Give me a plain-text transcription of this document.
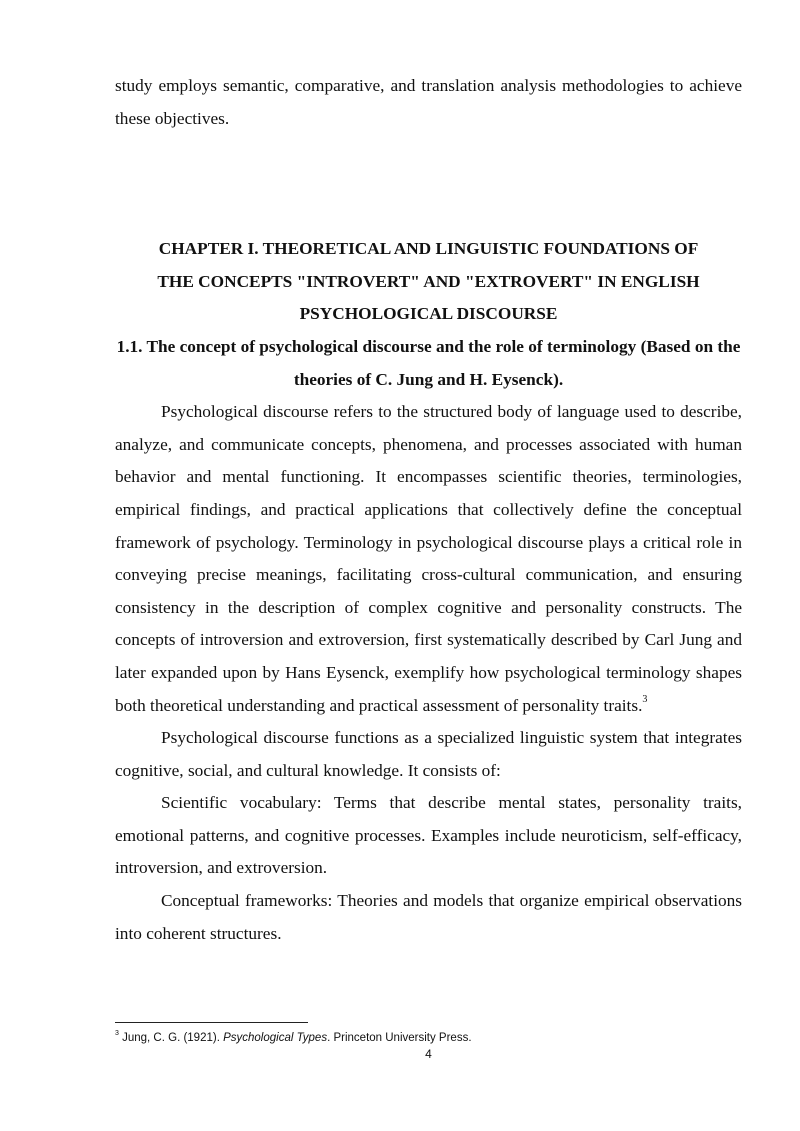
study employs semantic, comparative, and translation analysis methodologies to achieve these objectives.

CHAPTER I. THEORETICAL AND LINGUISTIC FOUNDATIONS OF

THE CONCEPTS "INTROVERT" AND "EXTROVERT" IN ENGLISH

PSYCHOLOGICAL DISCOURSE

1.1. The concept of psychological discourse and the role of terminology (Based on the theories of C. Jung and H. Eysenck).

Psychological discourse refers to the structured body of language used to describe, analyze, and communicate concepts, phenomena, and processes associated with human behavior and mental functioning. It encompasses scientific theories, terminologies, empirical findings, and practical applications that collectively define the conceptual framework of psychology. Terminology in psychological discourse plays a critical role in conveying precise meanings, facilitating cross-cultural communication, and ensuring consistency in the description of complex cognitive and personality constructs. The concepts of introversion and extroversion, first systematically described by Carl Jung and later expanded upon by Hans Eysenck, exemplify how psychological terminology shapes both theoretical understanding and practical assessment of personality traits.$^3$

Psychological discourse functions as a specialized linguistic system that integrates cognitive, social, and cultural knowledge. It consists of:

Scientific vocabulary: Terms that describe mental states, personality traits, emotional patterns, and cognitive processes. Examples include neuroticism, self-efficacy, introversion, and extroversion.

Conceptual frameworks: Theories and models that organize empirical observations into coherent structures.

$^3$ Jung, C. G. (1921). Psychological Types. Princeton University Press.
4
